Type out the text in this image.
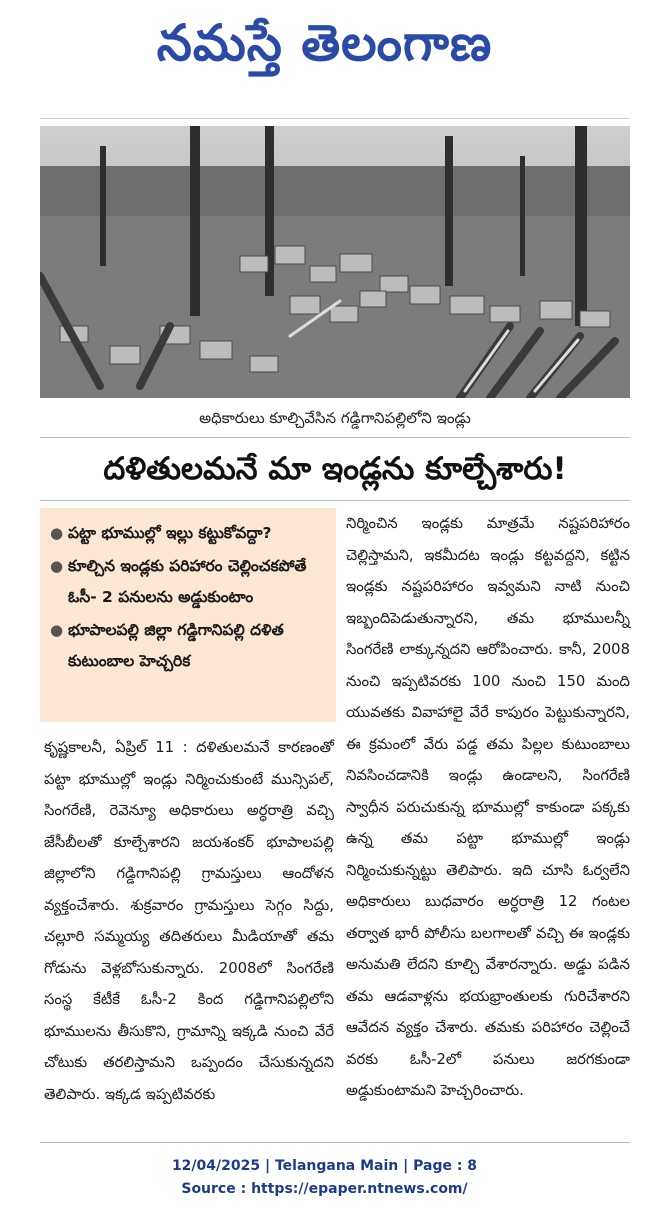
నమస్తే తెలంగాణ
అధికారులు కూల్చివేసిన గడ్డిగానిపల్లిలోని ఇండ్లు
దళితులమనే మా ఇండ్లను కూల్చేశారు!
● పట్టా భూముల్లో ఇల్లు కట్టుకోవద్దా?
● కూల్చిన ఇండ్లకు పరిహారం చెల్లించకపోతే ఓసీ- 2 పనులను అడ్డుకుంటాం
● భూపాలపల్లి జిల్లా గడ్డిగానిపల్లి దళిత కుటుంబాల హెచ్చరిక
కృష్ణకాలనీ, ఏప్రిల్ 11 : దళితులమనే కారణంతో పట్టా భూముల్లో ఇండ్లు నిర్మించుకుంటే మున్సిపల్, సింగరేణి, రెవెన్యూ అధికారులు అర్ధరాత్రి వచ్చి జేసీబీలతో కూల్చేశారని జయశంకర్ భూపాలపల్లి జిల్లాలోని గడ్డిగానిపల్లి గ్రామస్తులు ఆందోళన వ్యక్తంచేశారు. శుక్రవారం గ్రామస్తులు సెగ్గం సిద్దు, చల్లూరి సమ్మయ్య తదితరులు మీడియాతో తమ గోడును వెళ్లబోసుకున్నారు. 2008లో సింగరేణి సంస్థ కేటీకే ఓసీ-2 కింద గడ్డిగానిపల్లిలోని భూములను తీసుకొని, గ్రామాన్ని ఇక్కడి నుంచి వేరే చోటుకు తరలిస్తామని ఒప్పందం చేసుకున్నదని తెలిపారు. ఇక్కడ ఇప్పటివరకు
నిర్మించిన ఇండ్లకు మాత్రమే నష్టపరిహారం చెల్లిస్తామని, ఇకమీదట ఇండ్లు కట్టవద్దని, కట్టిన ఇండ్లకు నష్టపరిహారం ఇవ్వమని నాటి నుంచి ఇబ్బందిపెడుతున్నారని, తమ భూములన్నీ సింగరేణి లాక్కున్నదని ఆరోపించారు. కానీ, 2008 నుంచి ఇప్పటివరకు 100 నుంచి 150 మంది యువతకు వివాహాలై వేరే కాపురం పెట్టుకున్నారని, ఈ క్రమంలో వేరు పడ్డ తమ పిల్లల కుటుంబాలు నివసించడానికి ఇండ్లు ఉండాలని, సింగరేణి స్వాధీన పరుచుకున్న భూముల్లో కాకుండా పక్కకు ఉన్న తమ పట్టా భూముల్లో ఇండ్లు నిర్మించుకున్నట్టు తెలిపారు. ఇది చూసి ఓర్వలేని అధికారులు బుధవారం అర్ధరాత్రి 12 గంటల తర్వాత భారీ పోలీసు బలగాలతో వచ్చి ఈ ఇండ్లకు అనుమతి లేదని కూల్చి వేశారన్నారు. అడ్డు పడిన తమ ఆడవాళ్లను భయభ్రాంతులకు గురిచేశారని ఆవేదన వ్యక్తం చేశారు. తమకు పరిహారం చెల్లించే వరకు ఓసీ-2లో పనులు జరగకుండా అడ్డుకుంటామని హెచ్చరించారు.
12/04/2025 | Telangana Main | Page : 8
Source : https://epaper.ntnews.com/
